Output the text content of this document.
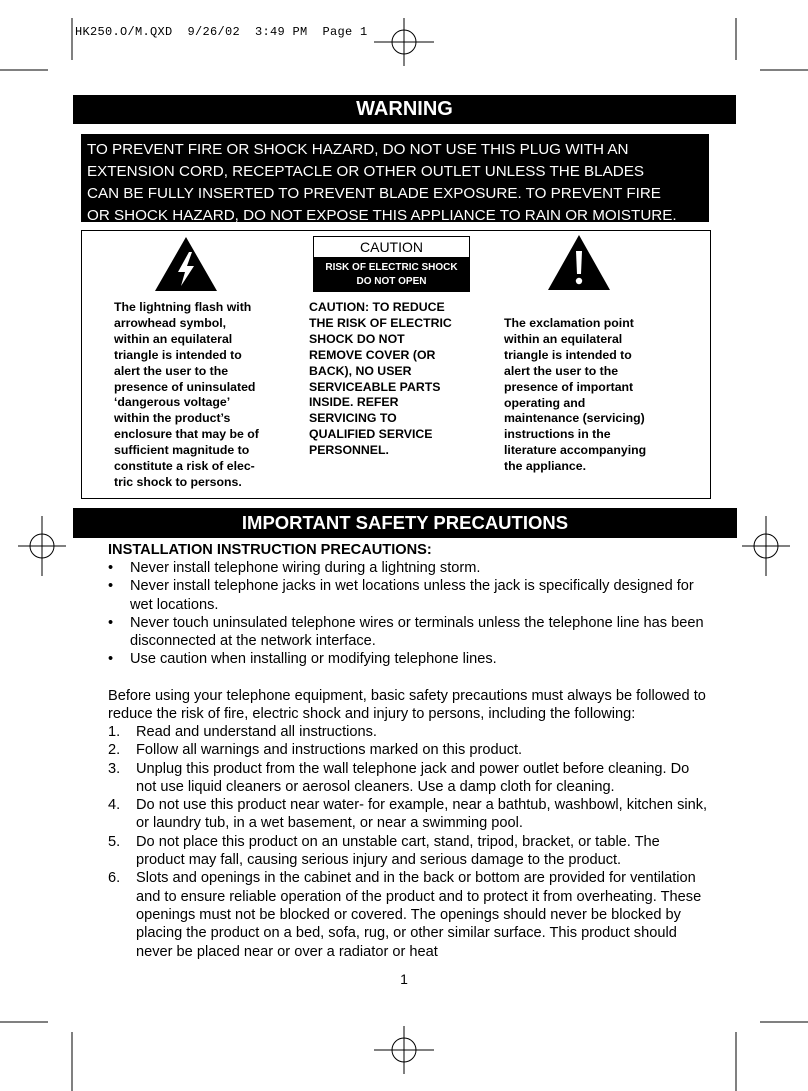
HK250.O/M.QXD  9/26/02  3:49 PM  Page 1
WARNING
TO PREVENT FIRE OR SHOCK HAZARD, DO NOT USE THIS PLUG WITH AN
EXTENSION CORD, RECEPTACLE OR OTHER OUTLET UNLESS THE BLADES
CAN BE FULLY INSERTED TO PREVENT BLADE EXPOSURE. TO PREVENT FIRE
OR SHOCK HAZARD, DO NOT EXPOSE THIS APPLIANCE TO RAIN OR MOISTURE.
CAUTION
RISK OF ELECTRIC SHOCK
DO NOT OPEN
The lightning flash with
arrowhead symbol,
within an equilateral
triangle is intended to
alert the user to the
presence of uninsulated
‘dangerous voltage’
within the product’s
enclosure that may be of
sufficient magnitude to
constitute a risk of elec-
tric shock to persons.
CAUTION: TO REDUCE
THE RISK OF ELECTRIC
SHOCK DO NOT
REMOVE COVER (OR
BACK), NO USER
SERVICEABLE PARTS
INSIDE. REFER
SERVICING TO
QUALIFIED SERVICE
PERSONNEL.
The exclamation point
within an equilateral
triangle is intended to
alert the user to the
presence of important
operating and
maintenance (servicing)
instructions in the
literature accompanying
the appliance.
IMPORTANT SAFETY PRECAUTIONS
INSTALLATION INSTRUCTION PRECAUTIONS:
• Never install telephone wiring during a lightning storm.
• Never install telephone jacks in wet locations unless the jack is specifically designed for wet locations.
• Never touch uninsulated telephone wires or terminals unless the telephone line has been disconnected at the network interface.
• Use caution when installing or modifying telephone lines.
Before using your telephone equipment, basic safety precautions must always be followed to reduce the risk of fire, electric shock and injury to persons, including the following:
1. Read and understand all instructions.
2. Follow all warnings and instructions marked on this product.
3. Unplug this product from the wall telephone jack and power outlet before cleaning. Do not use liquid cleaners or aerosol cleaners. Use a damp cloth for cleaning.
4. Do not use this product near water- for example, near a bathtub, washbowl, kitchen sink, or laundry tub, in a wet basement, or near a swimming pool.
5. Do not place this product on an unstable cart, stand, tripod, bracket, or table. The product may fall, causing serious injury and serious damage to the product.
6. Slots and openings in the cabinet and in the back or bottom are provided for ventilation and to ensure reliable operation of the product and to protect it from overheating. These openings must not be blocked or covered. The openings should never be blocked by placing the product on a bed, sofa, rug, or other similar surface. This product should never be placed near or over a radiator or heat
1
